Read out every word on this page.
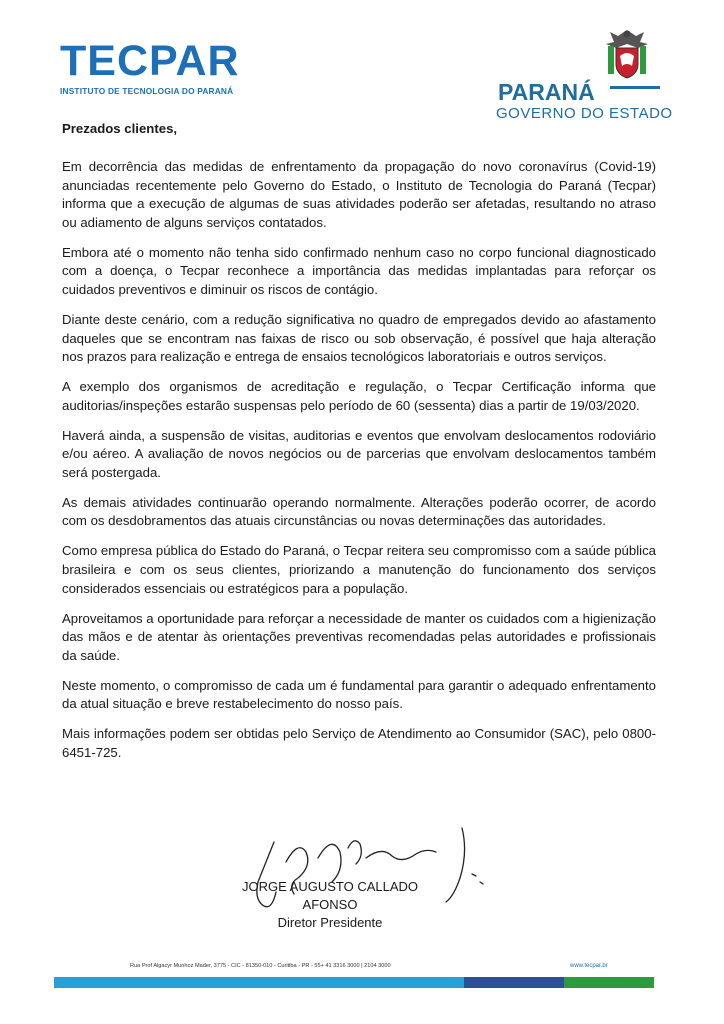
TECPAR
INSTITUTO DE TECNOLOGIA DO PARANÁ	PARANÁ
GOVERNO DO ESTADO
Prezados clientes,

Em decorrência das medidas de enfrentamento da propagação do novo coronavírus (Covid-19) anunciadas recentemente pelo Governo do Estado, o Instituto de Tecnologia do Paraná (Tecpar) informa que a execução de algumas de suas atividades poderão ser afetadas, resultando no atraso ou adiamento de alguns serviços contatados.

Embora até o momento não tenha sido confirmado nenhum caso no corpo funcional diagnosticado com a doença, o Tecpar reconhece a importância das medidas implantadas para reforçar os cuidados preventivos e diminuir os riscos de contágio.

Diante deste cenário, com a redução significativa no quadro de empregados devido ao afastamento daqueles que se encontram nas faixas de risco ou sob observação, é possível que haja alteração nos prazos para realização e entrega de ensaios tecnológicos laboratoriais e outros serviços.

A exemplo dos organismos de acreditação e regulação, o Tecpar Certificação informa que auditorias/inspeções estarão suspensas pelo período de 60 (sessenta) dias a partir de 19/03/2020.

Haverá ainda, a suspensão de visitas, auditorias e eventos que envolvam deslocamentos rodoviário e/ou aéreo. A avaliação de novos negócios ou de parcerias que envolvam deslocamentos também será postergada.

As demais atividades continuarão operando normalmente. Alterações poderão ocorrer, de acordo com os desdobramentos das atuais circunstâncias ou novas determinações das autoridades.

Como empresa pública do Estado do Paraná, o Tecpar reitera seu compromisso com a saúde pública brasileira e com os seus clientes, priorizando a manutenção do funcionamento dos serviços considerados essenciais ou estratégicos para a população.

Aproveitamos a oportunidade para reforçar a necessidade de manter os cuidados com a higienização das mãos e de atentar às orientações preventivas recomendadas pelas autoridades e profissionais da saúde.

Neste momento, o compromisso de cada um é fundamental para garantir o adequado enfrentamento da atual situação e breve restabelecimento do nosso país.

Mais informações podem ser obtidas pelo Serviço de Atendimento ao Consumidor (SAC), pelo 0800-6451-725.

JORGE AUGUSTO CALLADO AFONSO
Diretor Presidente
Rua Prof Algacyr Munhoz Mader, 3775 - CIC - 81350-010 - Curitiba - PR - 55+ 41 3316 3000 | 2104 3000	www.tecpar.br
